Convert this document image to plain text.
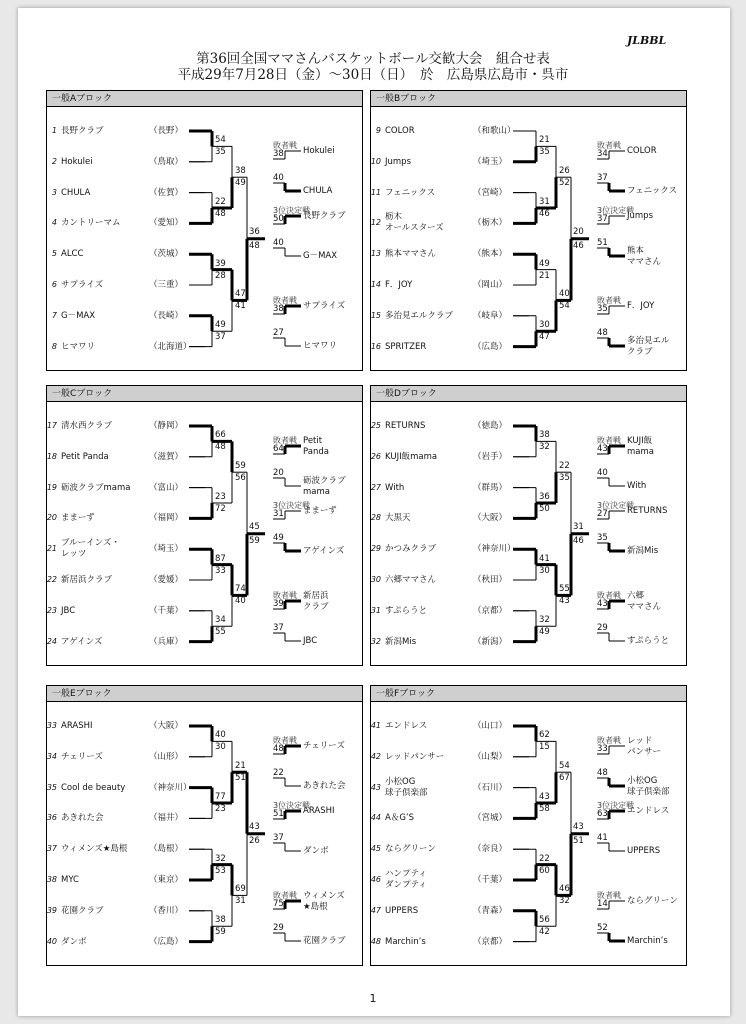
JLBBL
第36回全国ママさんバスケットボール交歓大会　組合せ表
平成29年7月28日（金）～30日（日）　於　広島県広島市・呉市
1
一般Aブロック
1 長野クラブ	（長野）
2 Hokulei	（鳥取）
3 CHULA	（佐賀）
4 カントリーマム	（愛知）
5 ALCC	（茨城）
6 サプライズ	（三重）
7 G－MAX	（長崎）
8 ヒマワリ	（北海道）
54
35
22
48
39
28
49
37
38
49
47
41
36
48
敗者戦
38
40
Hokulei
CHULA
3位決定戦
50
40
長野クラブ
G－MAX
敗者戦
38
27
サプライズ
ヒマワリ
一般Bブロック
9 COLOR	（和歌山）
10 Jumps	（埼玉）
11 フェニックス	（宮崎）
12
栃木
オールスターズ	（栃木）
13 熊本ママさん	（熊本）
14 F．JOY	（岡山）
15 多治見エルクラブ （岐阜）
16 SPRITZER	（広島）
21
35
31
46
49
21
30
47
26
52
40
54
20
46
敗者戦
34
37
COLOR
フェニックス
3位決定戦
37
51
Jumps
熊本
ママさん
敗者戦
35
48
F．JOY
多治見エル
クラブ
一般Cブロック
17 清水西クラブ	（静岡）
18 Petit Panda	（滋賀）
19 砺波クラブmama （富山）
20 ままーず	（福岡）
21
ブルーインズ・
レッツ	（埼玉）
22 新居浜クラブ	（愛媛）
23 JBC	（千葉）
24 アゲインズ	（兵庫）
66
48
23
72
87
33
34
55
59
56
74
40
45
59
敗者戦
64
20
Petit
Panda
砺波クラブ
mama
3位決定戦
31
49
ままーず
アゲインズ
敗者戦
39
37
新居浜
クラブ
JBC
一般Dブロック
25 RETURNS	（徳島）
26 KUJI飯mama	（岩手）
27 With	（群馬）
28 大黒天	（大阪）
29 かつみクラブ	（神奈川）
30 六郷ママさん	（秋田）
31 すぷらうと	（京都）
32 新潟Mis	（新潟）
38
32
36
50
41
30
32
49
22
35
55
43
31
46
敗者戦
43
40
KUJI飯
mama
With
3位決定戦
27
35
RETURNS
新潟Mis
敗者戦
43
29
六郷
ママさん
すぷらうと
一般Eブロック
33 ARASHI	（大阪）
34 チェリーズ	（山形）
35 Cool de beauty	（神奈川）
36 あきれた会	（福井）
37 ウィメンズ★島根	（島根）
38 MYC	（東京）
39 花園クラブ	（香川）
40 ダンボ	（広島）
40
30
77
23
32
53
38
59
21
51
69
31
43
26
敗者戦
48
22
チェリーズ
あきれた会
3位決定戦
51
37
ARASHI
ダンボ
敗者戦
75
29
ウィメンズ
★島根
花園クラブ
一般Fブロック
41 エンドレス	（山口）
42 レッドパンサー	（山梨）
43
小松OG
球子倶楽部	（石川）
44 A＆G’S	（宮城）
45 ならグリーン	（奈良）
46
ハンプティ
ダンプティ	（千葉）
47 UPPERS	（青森）
48 Marchin’s	（京都）
62
15
43
58
22
60
56
42
54
67
46
32
43
51
敗者戦
33
48
レッド
パンサー
小松OG
球子倶楽部
3位決定戦
63
41
エンドレス
UPPERS
敗者戦
14
52
ならグリーン
Marchin’s
